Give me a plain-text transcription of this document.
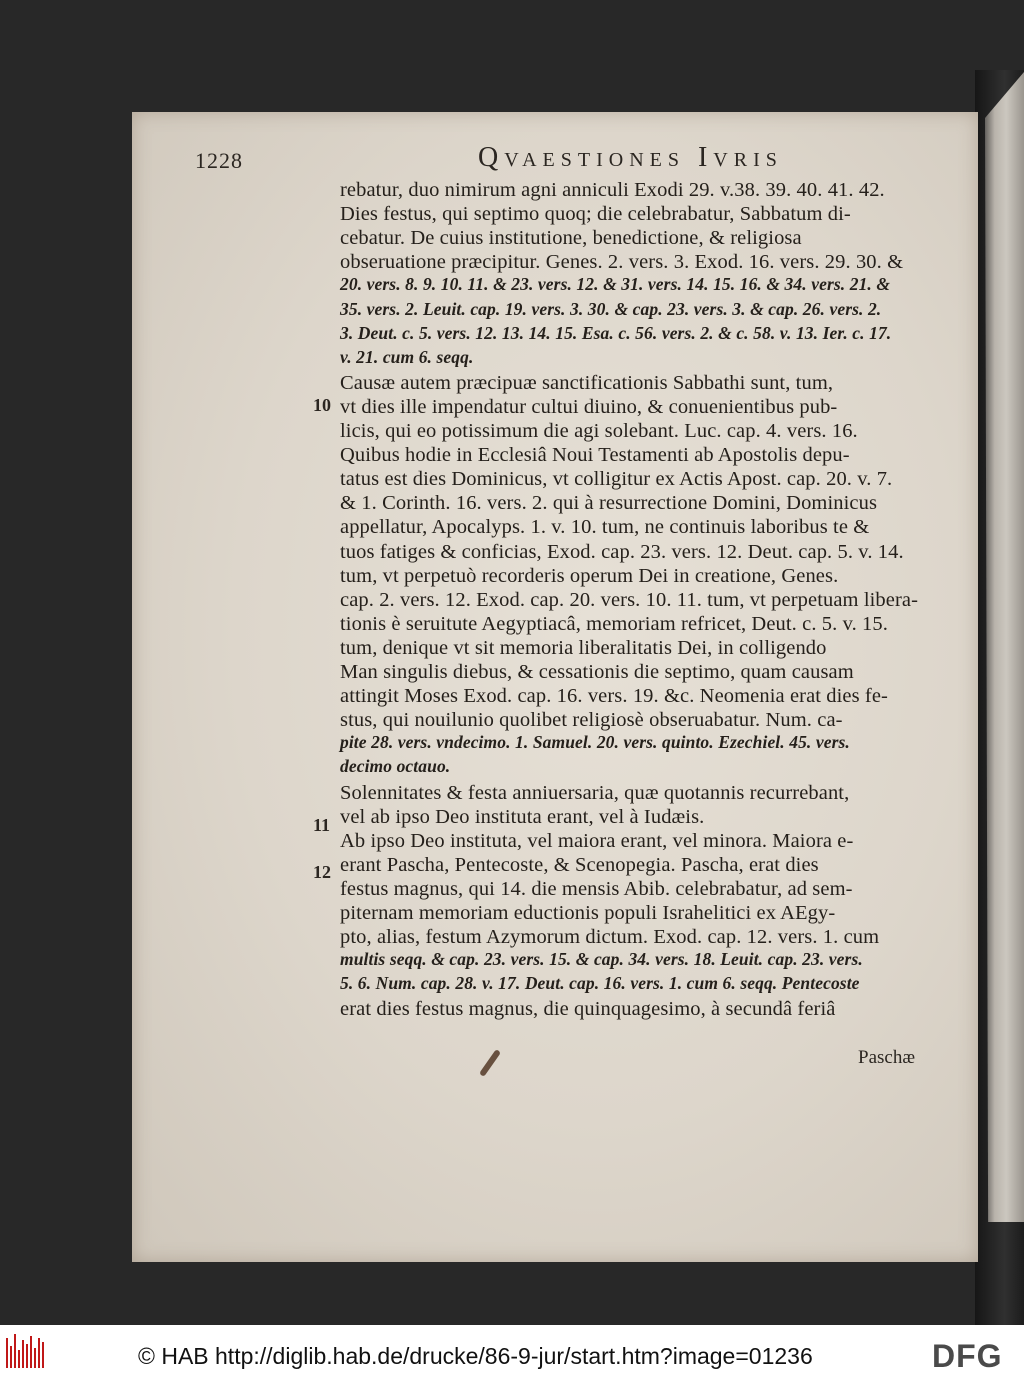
1228	Qvaestiones Ivris
rebatur, duo nimirum agni anniculi Exodi 29. v.38. 39. 40. 41. 42.
Dies festus, qui septimo quoq; die celebrabatur, Sabbatum di-
cebatur. De cuius institutione, benedictione, & religiosa
obseruatione præcipitur. Genes. 2. vers. 3. Exod. 16. vers. 29. 30. &
20. vers. 8. 9. 10. 11. & 23. vers. 12. & 31. vers. 14. 15. 16. & 34. vers. 21. &
35. vers. 2. Leuit. cap. 19. vers. 3. 30. & cap. 23. vers. 3. & cap. 26. vers. 2.
3. Deut. c. 5. vers. 12. 13. 14. 15. Esa. c. 56. vers. 2. & c. 58. v. 13. Ier. c. 17.
v. 21. cum 6. seqq.
Causæ autem præcipuæ sanctificationis Sabbathi sunt, tum,
vt dies ille impendatur cultui diuino, & conuenientibus pub-
licis, qui eo potissimum die agi solebant. Luc. cap. 4. vers. 16.
Quibus hodie in Ecclesiâ Noui Testamenti ab Apostolis depu-
tatus est dies Dominicus, vt colligitur ex Actis Apost. cap. 20. v. 7.
& 1. Corinth. 16. vers. 2. qui à resurrectione Domini, Dominicus
appellatur, Apocalyps. 1. v. 10. tum, ne continuis laboribus te &
tuos fatiges & conficias, Exod. cap. 23. vers. 12. Deut. cap. 5. v. 14.
tum, vt perpetuò recorderis operum Dei in creatione, Genes.
cap. 2. vers. 12. Exod. cap. 20. vers. 10. 11. tum, vt perpetuam libera-
tionis è seruitute Aegyptiacâ, memoriam refricet, Deut. c. 5. v. 15.
tum, denique vt sit memoria liberalitatis Dei, in colligendo
Man singulis diebus, & cessationis die septimo, quam causam
attingit Moses Exod. cap. 16. vers. 19. &c. Neomenia erat dies fe-
stus, qui nouilunio quolibet religiosè obseruabatur. Num. ca-
pite 28. vers. vndecimo. 1. Samuel. 20. vers. quinto. Ezechiel. 45. vers.
decimo octauo.
Solennitates & festa anniuersaria, quæ quotannis recurrebant,
vel ab ipso Deo instituta erant, vel à Iudæis.
Ab ipso Deo instituta, vel maiora erant, vel minora. Maiora e-
erant Pascha, Pentecoste, & Scenopegia. Pascha, erat dies
festus magnus, qui 14. die mensis Abib. celebrabatur, ad sem-
piternam memoriam eductionis populi Israhelitici ex AEgy-
pto, alias, festum Azymorum dictum. Exod. cap. 12. vers. 1. cum
multis seqq. & cap. 23. vers. 15. & cap. 34. vers. 18. Leuit. cap. 23. vers.
5. 6. Num. cap. 28. v. 17. Deut. cap. 16. vers. 1. cum 6. seqq. Pentecoste
erat dies festus magnus, die quinquagesimo, à secundâ feriâ
10
11
12
Paschæ
© HAB http://diglib.hab.de/drucke/86-9-jur/start.htm?image=01236	DFG
